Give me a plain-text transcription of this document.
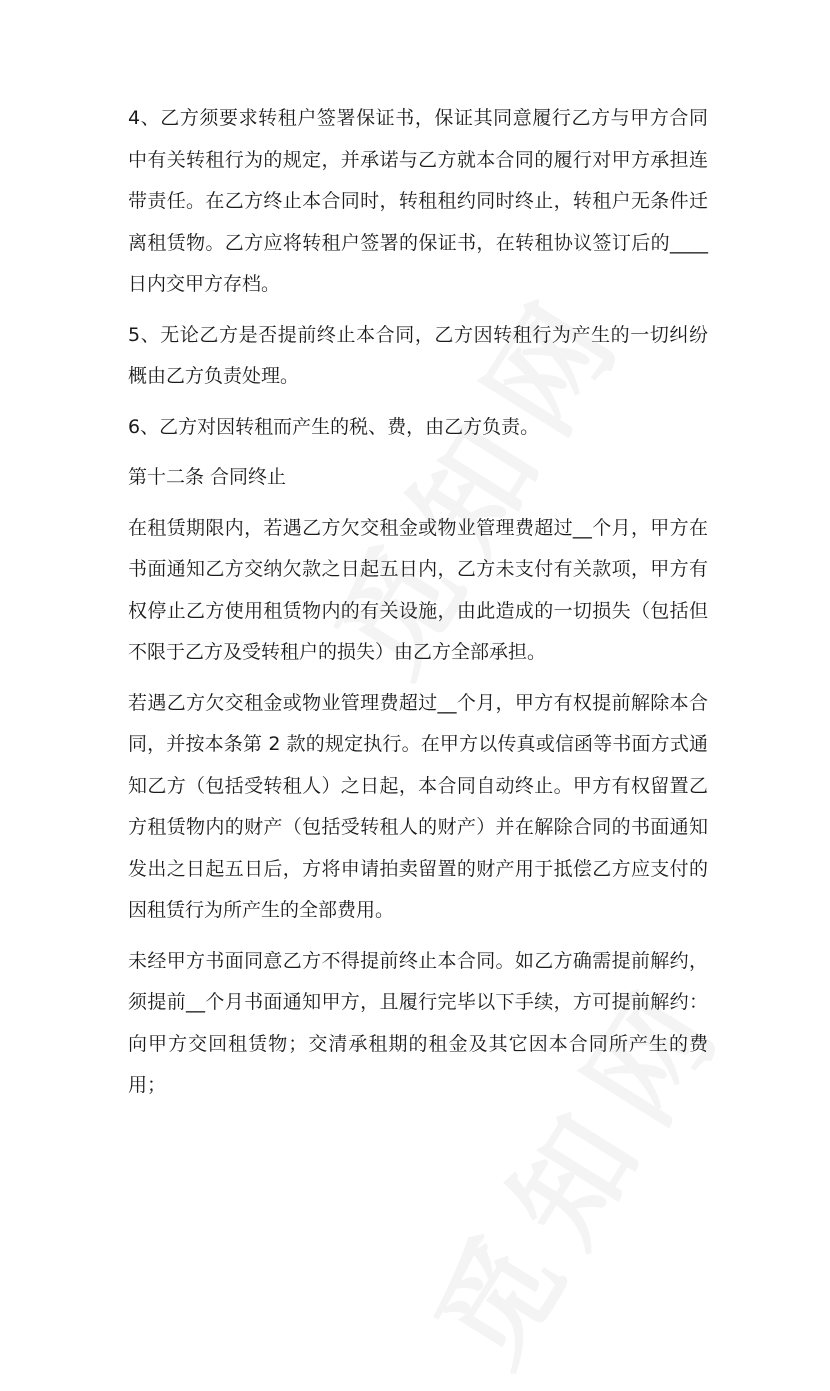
4、乙方须要求转租户签署保证书，保证其同意履行乙方与甲方合同中有关转租行为的规定，并承诺与乙方就本合同的履行对甲方承担连带责任。在乙方终止本合同时，转租租约同时终止，转租户无条件迁离租赁物。乙方应将转租户签署的保证书，在转租协议签订后的____日内交甲方存档。

5、无论乙方是否提前终止本合同，乙方因转租行为产生的一切纠纷概由乙方负责处理。

6、乙方对因转租而产生的税、费，由乙方负责。

第十二条 合同终止

在租赁期限内，若遇乙方欠交租金或物业管理费超过__个月，甲方在书面通知乙方交纳欠款之日起五日内，乙方未支付有关款项，甲方有权停止乙方使用租赁物内的有关设施，由此造成的一切损失（包括但不限于乙方及受转租户的损失）由乙方全部承担。

若遇乙方欠交租金或物业管理费超过__个月，甲方有权提前解除本合同，并按本条第 2 款的规定执行。在甲方以传真或信函等书面方式通知乙方（包括受转租人）之日起，本合同自动终止。甲方有权留置乙方租赁物内的财产（包括受转租人的财产）并在解除合同的书面通知发出之日起五日后，方将申请拍卖留置的财产用于抵偿乙方应支付的因租赁行为所产生的全部费用。

未经甲方书面同意乙方不得提前终止本合同。如乙方确需提前解约，须提前__个月书面通知甲方，且履行完毕以下手续，方可提前解约：向甲方交回租赁物；交清承租期的租金及其它因本合同所产生的费用；
